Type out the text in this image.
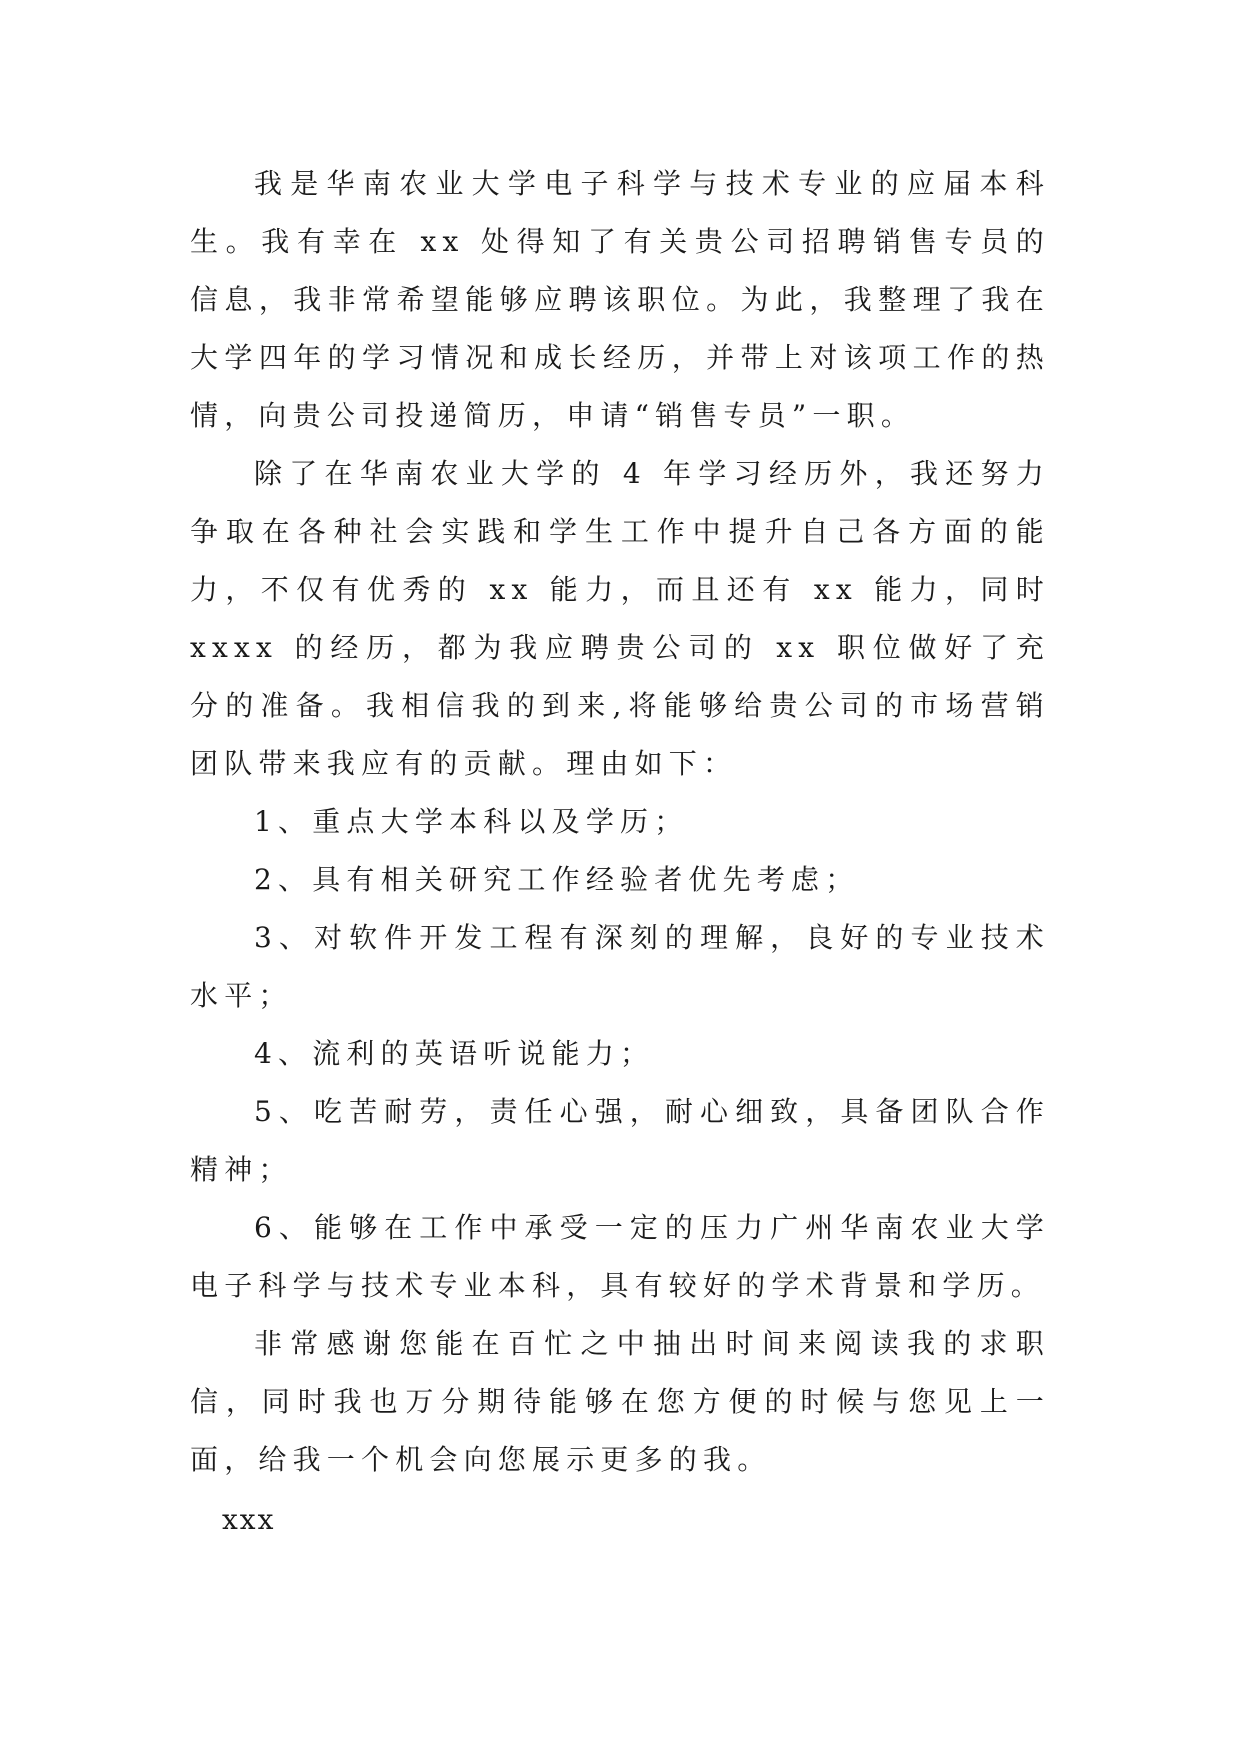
我是华南农业大学电子科学与技术专业的应届本科生。我有幸在 xx 处得知了有关贵公司招聘销售专员的信息，我非常希望能够应聘该职位。为此，我整理了我在大学四年的学习情况和成长经历，并带上对该项工作的热情，向贵公司投递简历，申请“销售专员”一职。

除了在华南农业大学的 4 年学习经历外，我还努力争取在各种社会实践和学生工作中提升自己各方面的能力，不仅有优秀的 xx 能力，而且还有 xx 能力，同时 xxxx 的经历，都为我应聘贵公司的 xx 职位做好了充分的准备。我相信我的到来,将能够给贵公司的市场营销团队带来我应有的贡献。理由如下：

1、重点大学本科以及学历；

2、具有相关研究工作经验者优先考虑；

3、对软件开发工程有深刻的理解，良好的专业技术水平；

4、流利的英语听说能力；

5、吃苦耐劳，责任心强，耐心细致，具备团队合作精神；

6、能够在工作中承受一定的压力广州华南农业大学电子科学与技术专业本科，具有较好的学术背景和学历。

非常感谢您能在百忙之中抽出时间来阅读我的求职信，同时我也万分期待能够在您方便的时候与您见上一面，给我一个机会向您展示更多的我。

xxx
